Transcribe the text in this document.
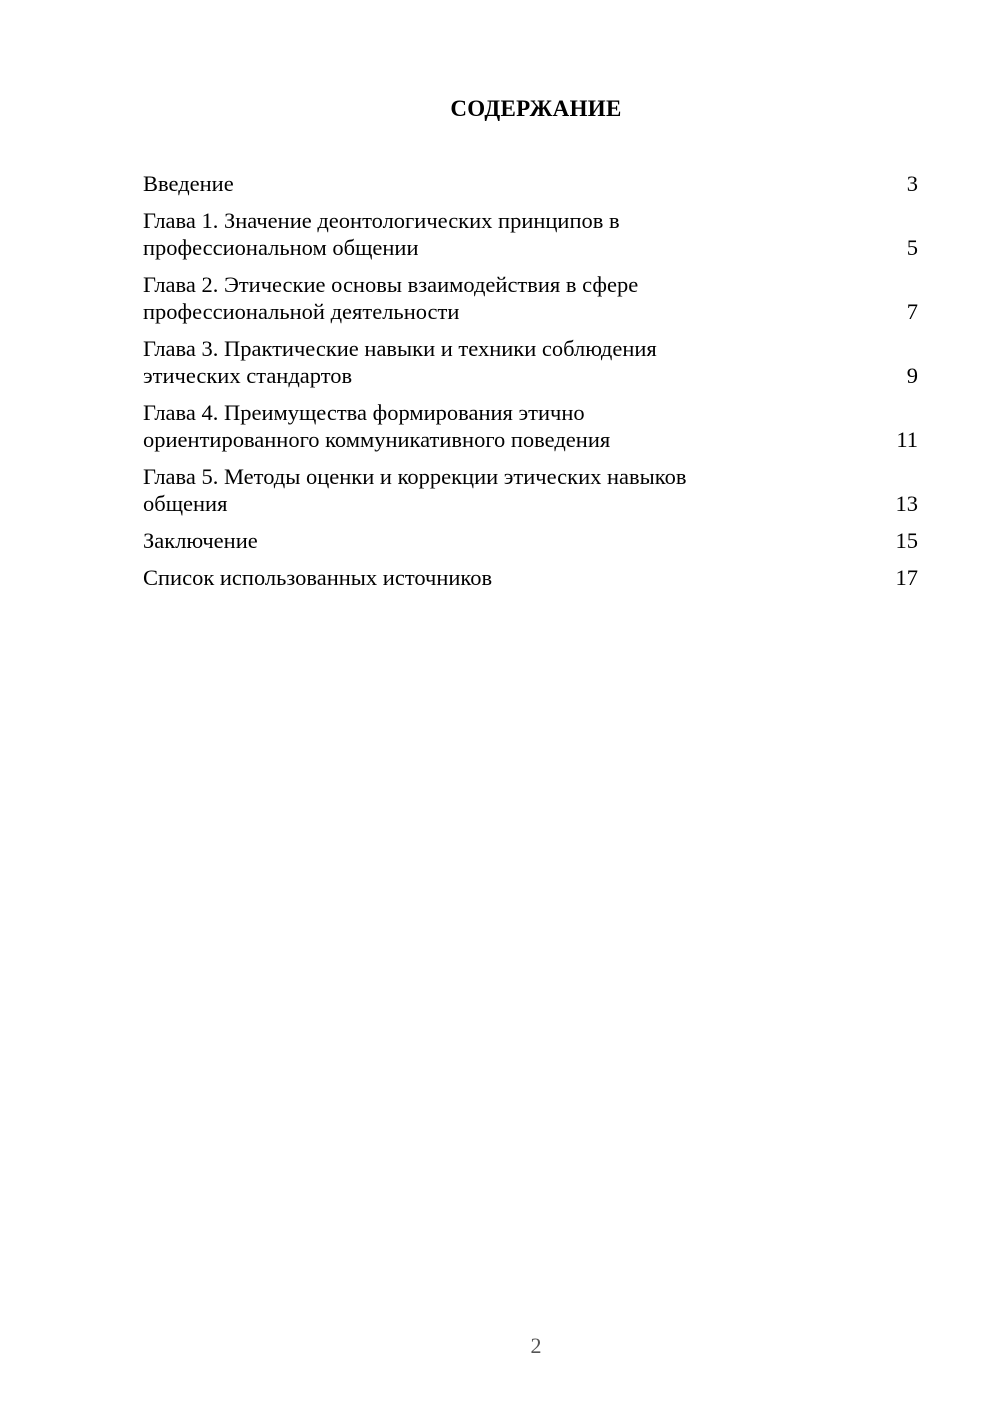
СОДЕРЖАНИЕ
Введение	3
Глава 1. Значение деонтологических принципов в
профессиональном общении	5
Глава 2. Этические основы взаимодействия в сфере
профессиональной деятельности	7
Глава 3. Практические навыки и техники соблюдения
этических стандартов	9
Глава 4. Преимущества формирования этично
ориентированного коммуникативного поведения	11
Глава 5. Методы оценки и коррекции этических навыков
общения	13
Заключение	15
Список использованных источников	17
2
